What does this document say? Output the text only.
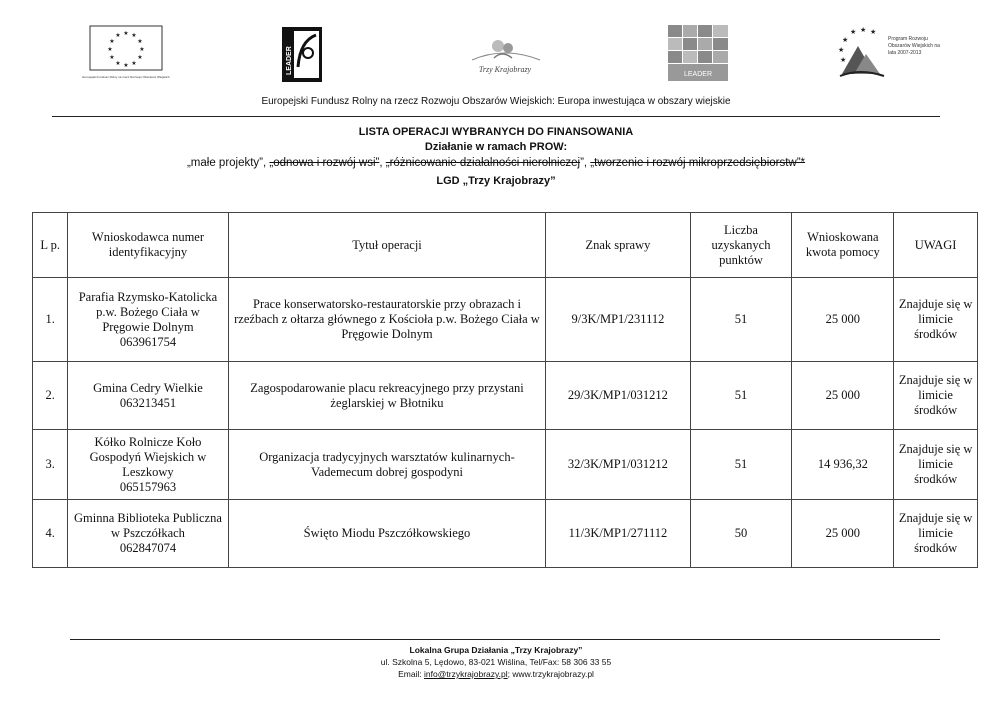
★ ★
★
★
★
★
★
★
★
★
★
★
Europejski Fundusz Rolny na rzecz Rozwoju Obszarów Wiejskich
LEADER	Trzy Krajobrazy
LEADER
★ ★ ★
★
★
★
Program Rozwoju Obszarów Wiejskich na lata 2007-2013
Europejski Fundusz Rolny na rzecz Rozwoju Obszarów Wiejskich: Europa inwestująca w obszary wiejskie
LISTA OPERACJI WYBRANYCH DO FINANSOWANIA
Działanie w ramach PROW:
„małe projekty”, „odnowa i rozwój wsi”, „różnicowanie działalności nierolniczej”, „tworzenie i rozwój mikroprzedsiębiorstw”*
LGD „Trzy Krajobrazy”
L p.	Wnioskodawca numer identyfikacyjny	Tytuł operacji	Znak sprawy	Liczba uzyskanych punktów	Wnioskowana kwota pomocy	UWAGI
1.	Parafia Rzymsko-Katolicka p.w. Bożego Ciała w Pręgowie Dolnym
063961754	Prace konserwatorsko-restauratorskie przy obrazach i rzeźbach z ołtarza głównego z Kościoła p.w. Bożego Ciała w Pręgowie Dolnym	9/3K/MP1/231112	51	25 000	Znajduje się w limicie środków
2.	Gmina Cedry Wielkie
063213451	Zagospodarowanie placu rekreacyjnego przy przystani żeglarskiej w Błotniku	29/3K/MP1/031212	51	25 000	Znajduje się w limicie środków
3.	Kółko Rolnicze Koło Gospodyń Wiejskich w Leszkowy
065157963	Organizacja tradycyjnych warsztatów kulinarnych- Vademecum dobrej gospodyni	32/3K/MP1/031212	51	14 936,32	Znajduje się w limicie środków
4.	Gminna Biblioteka Publiczna w Pszczółkach
062847074	Święto Miodu Pszczółkowskiego	11/3K/MP1/271112	50	25 000	Znajduje się w limicie środków
Lokalna Grupa Działania „Trzy Krajobrazy”
ul. Szkolna 5, Lędowo, 83-021 Wiślina, Tel/Fax: 58 306 33 55
Email: info@trzykrajobrazy.pl; www.trzykrajobrazy.pl
